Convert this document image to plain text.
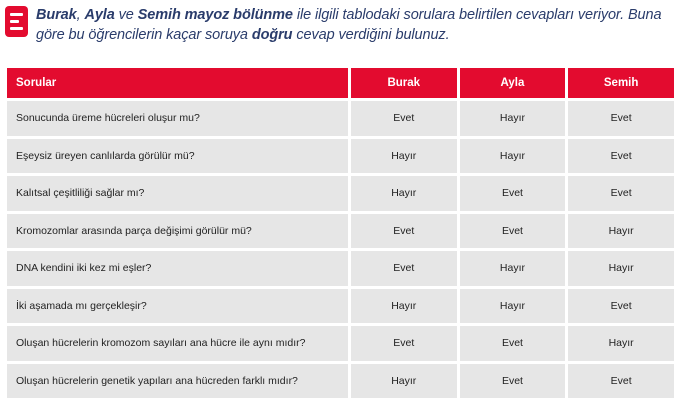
Burak, Ayla ve Semih mayoz bölünme ile ilgili tablodaki sorulara belirtilen cevapları veriyor. Buna göre bu öğrencilerin kaçar soruya doğru cevap verdiğini bulunuz.
Sorular	Burak	Ayla	Semih
Sonucunda üreme hücreleri oluşur mu?	Evet	Hayır	Evet
Eşeysiz üreyen canlılarda görülür mü?	Hayır	Hayır	Evet
Kalıtsal çeşitliliği sağlar mı?	Hayır	Evet	Evet
Kromozomlar arasında parça değişimi görülür mü?	Evet	Evet	Hayır
DNA kendini iki kez mi eşler?	Evet	Hayır	Hayır
İki aşamada mı gerçekleşir?	Hayır	Hayır	Evet
Oluşan hücrelerin kromozom sayıları ana hücre ile aynı mıdır?	Evet	Evet	Hayır
Oluşan hücrelerin genetik yapıları ana hücreden farklı mıdır?	Hayır	Evet	Evet
